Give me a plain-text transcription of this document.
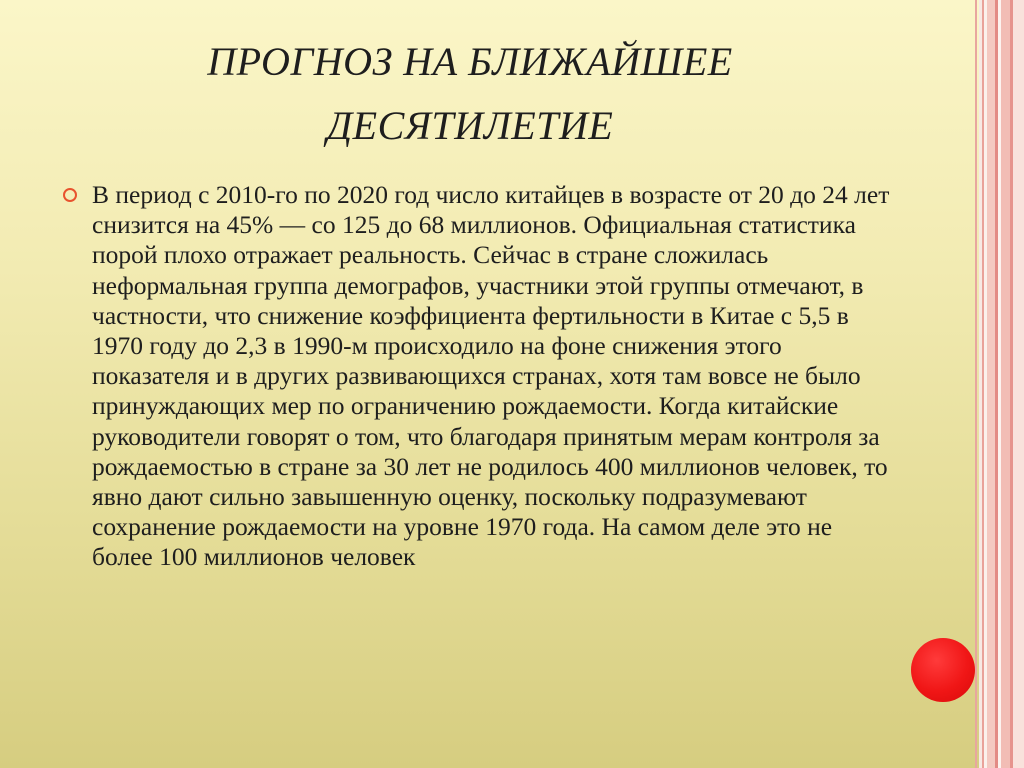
ПРОГНОЗ НА БЛИЖАЙШЕЕ
ДЕСЯТИЛЕТИЕ

В период с 2010-го по 2020 год число китайцев в возрасте от 20 до 24 лет снизится на 45% — со 125 до 68 миллионов. Официальная статистика порой плохо отражает реальность. Сейчас в стране сложилась неформальная группа демографов, участники этой группы отмечают, в частности, что снижение коэффициента фертильности в Китае с 5,5 в 1970 году до 2,3 в 1990-м происходило на фоне снижения этого показателя и в других развивающихся странах, хотя там вовсе не было принуждающих мер по ограничению рождаемости. Когда китайские руководители говорят о том, что благодаря принятым мерам контроля за рождаемостью в стране за 30 лет не родилось 400 миллионов человек, то явно дают сильно завышенную оценку, поскольку подразумевают сохранение рождаемости на уровне 1970 года. На самом деле это не более 100 миллионов человек
